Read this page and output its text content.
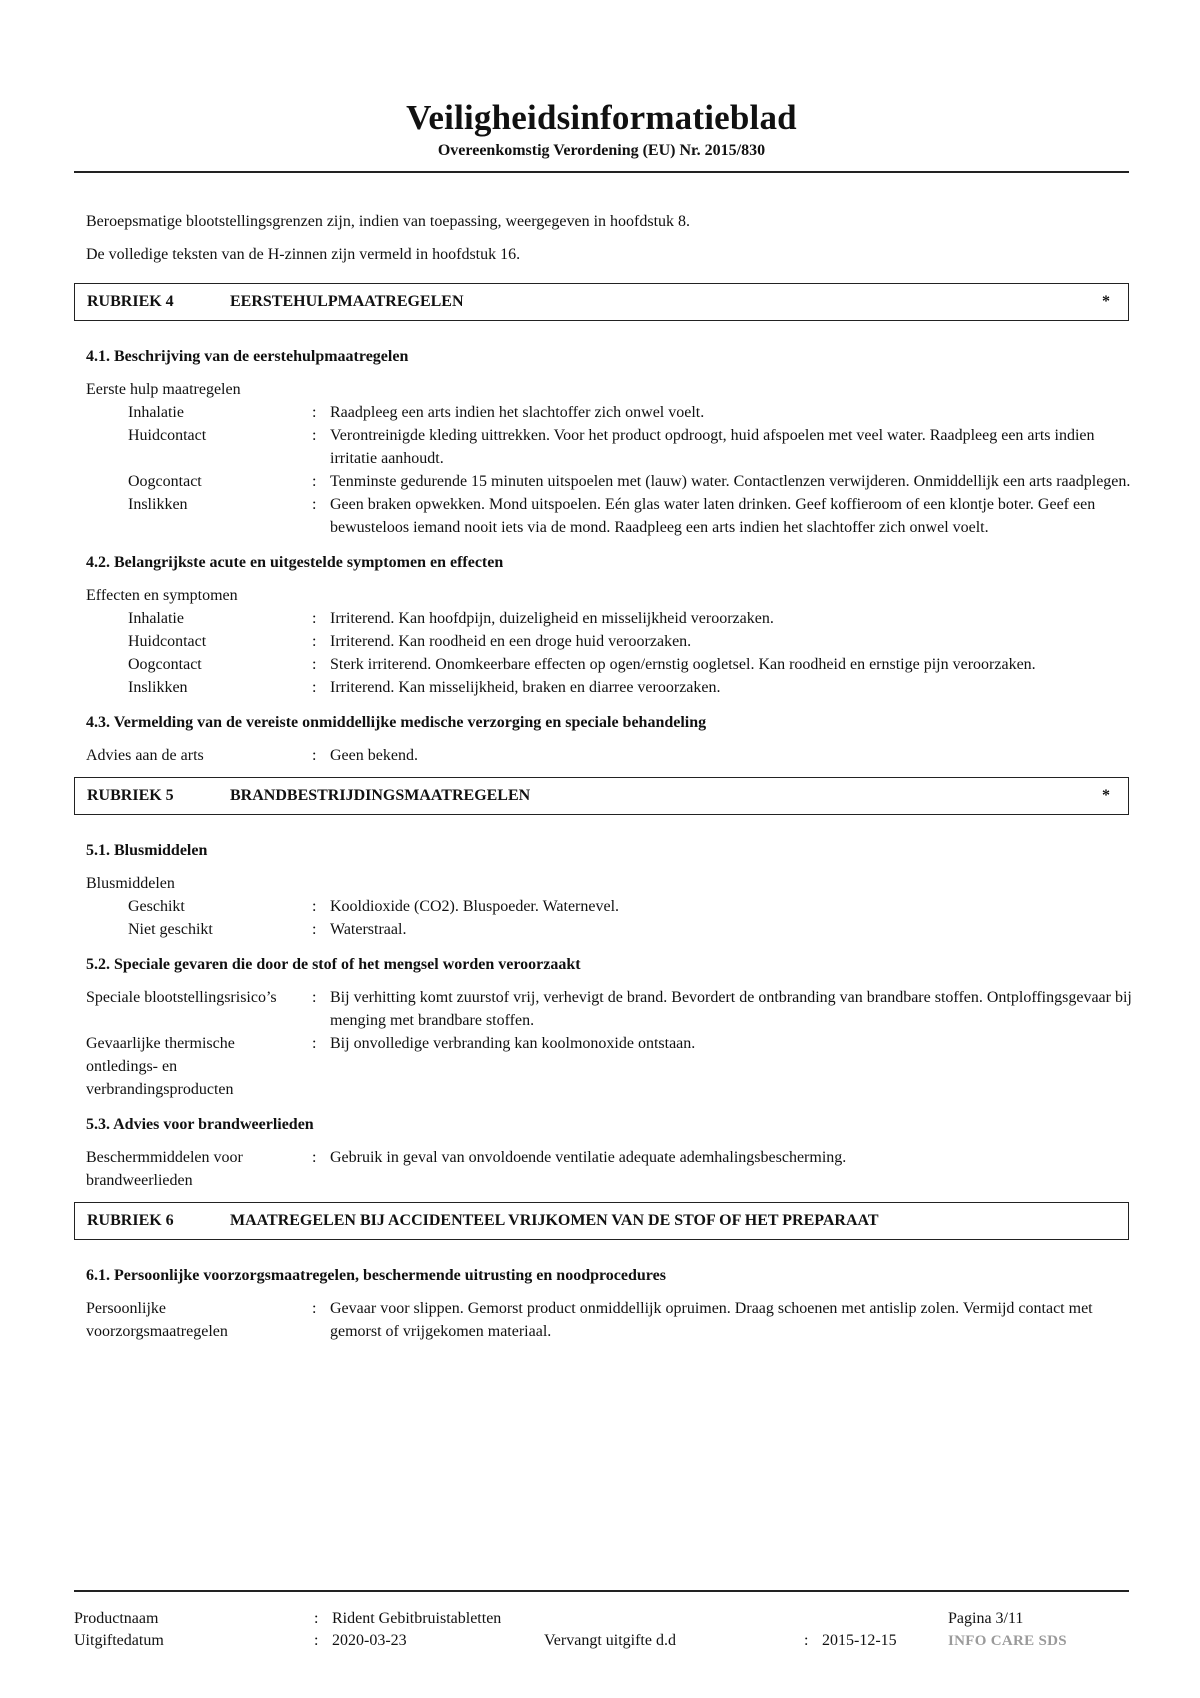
Veiligheidsinformatieblad
Overeenkomstig Verordening (EU) Nr. 2015/830

Beroepsmatige blootstellingsgrenzen zijn, indien van toepassing, weergegeven in hoofdstuk 8.

De volledige teksten van de H-zinnen zijn vermeld in hoofdstuk 16.

RUBRIEK 4	EERSTEHULPMAATREGELEN	*

4.1. Beschrijving van de eerstehulpmaatregelen

Eerste hulp maatregelen
Inhalatie	: Raadpleeg een arts indien het slachtoffer zich onwel voelt.
Huidcontact	: Verontreinigde kleding uittrekken. Voor het product opdroogt, huid afspoelen met veel water. Raadpleeg een arts indien irritatie aanhoudt.
Oogcontact	: Tenminste gedurende 15 minuten uitspoelen met (lauw) water. Contactlenzen verwijderen. Onmiddellijk een arts raadplegen.
Inslikken	: Geen braken opwekken. Mond uitspoelen. Eén glas water laten drinken. Geef koffieroom of een klontje boter. Geef een bewusteloos iemand nooit iets via de mond. Raadpleeg een arts indien het slachtoffer zich onwel voelt.

4.2. Belangrijkste acute en uitgestelde symptomen en effecten

Effecten en symptomen
Inhalatie	: Irriterend. Kan hoofdpijn, duizeligheid en misselijkheid veroorzaken.
Huidcontact	: Irriterend. Kan roodheid en een droge huid veroorzaken.
Oogcontact	: Sterk irriterend. Onomkeerbare effecten op ogen/ernstig oogletsel. Kan roodheid en ernstige pijn veroorzaken.
Inslikken	: Irriterend. Kan misselijkheid, braken en diarree veroorzaken.

4.3. Vermelding van de vereiste onmiddellijke medische verzorging en speciale behandeling

Advies aan de arts	: Geen bekend.
RUBRIEK 5	BRANDBESTRIJDINGSMAATREGELEN	*

5.1. Blusmiddelen

Blusmiddelen
Geschikt	: Kooldioxide (CO2). Bluspoeder. Waternevel.
Niet geschikt	: Waterstraal.

5.2. Speciale gevaren die door de stof of het mengsel worden veroorzaakt

Speciale blootstellingsrisico’s	: Bij verhitting komt zuurstof vrij, verhevigt de brand. Bevordert de ontbranding van brandbare stoffen. Ontploffingsgevaar bij menging met brandbare stoffen.
Gevaarlijke thermische ontledings- en verbrandingsproducten
: Bij onvolledige verbranding kan koolmonoxide ontstaan.

5.3. Advies voor brandweerlieden

Beschermmiddelen voor brandweerlieden
: Gebruik in geval van onvoldoende ventilatie adequate ademhalingsbescherming.
RUBRIEK 6	MAATREGELEN BIJ ACCIDENTEEL VRIJKOMEN VAN DE STOF OF HET PREPARAAT

6.1. Persoonlijke voorzorgsmaatregelen, beschermende uitrusting en noodprocedures

Persoonlijke voorzorgsmaatregelen
: Gevaar voor slippen. Gemorst product onmiddellijk opruimen. Draag schoenen met antislip zolen. Vermijd contact met gemorst of vrijgekomen materiaal.
Productnaam	: Rident Gebitbruistabletten	Pagina 3/11
Uitgiftedatum	: 2020-03-23	Vervangt uitgifte d.d	: 2015-12-15	INFO CARE SDS
